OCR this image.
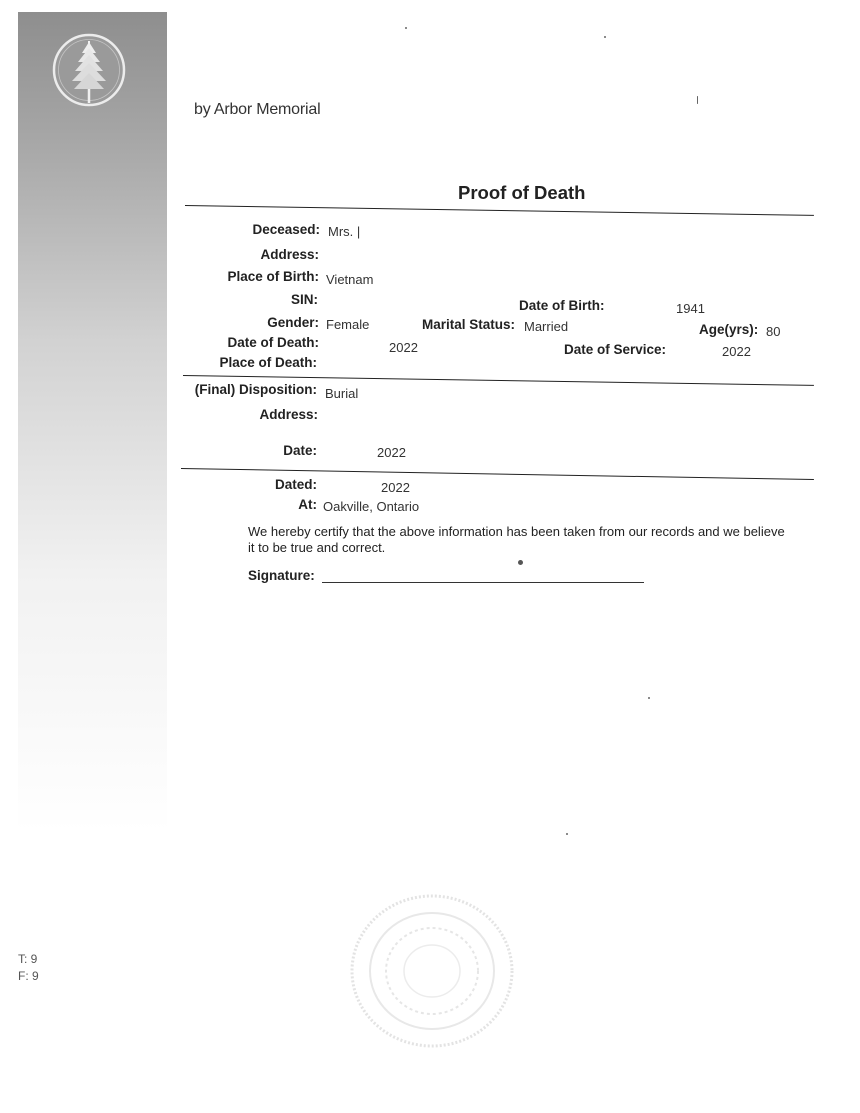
by Arbor Memorial
Proof of Death
Deceased: Mrs. |
Address:
Place of Birth: Vietnam
SIN:	Date of Birth:	1941
Gender: Female	Marital Status: Married	Age(yrs): 80
Date of Death:	2022	Date of Service:	2022
Place of Death:
(Final) Disposition: Burial
Address:
Date:	2022
Dated:	2022
At: Oakville, Ontario
We hereby certify that the above information has been taken from our records and we believe it to be true and correct.
Signature:
T: 9
F: 9
